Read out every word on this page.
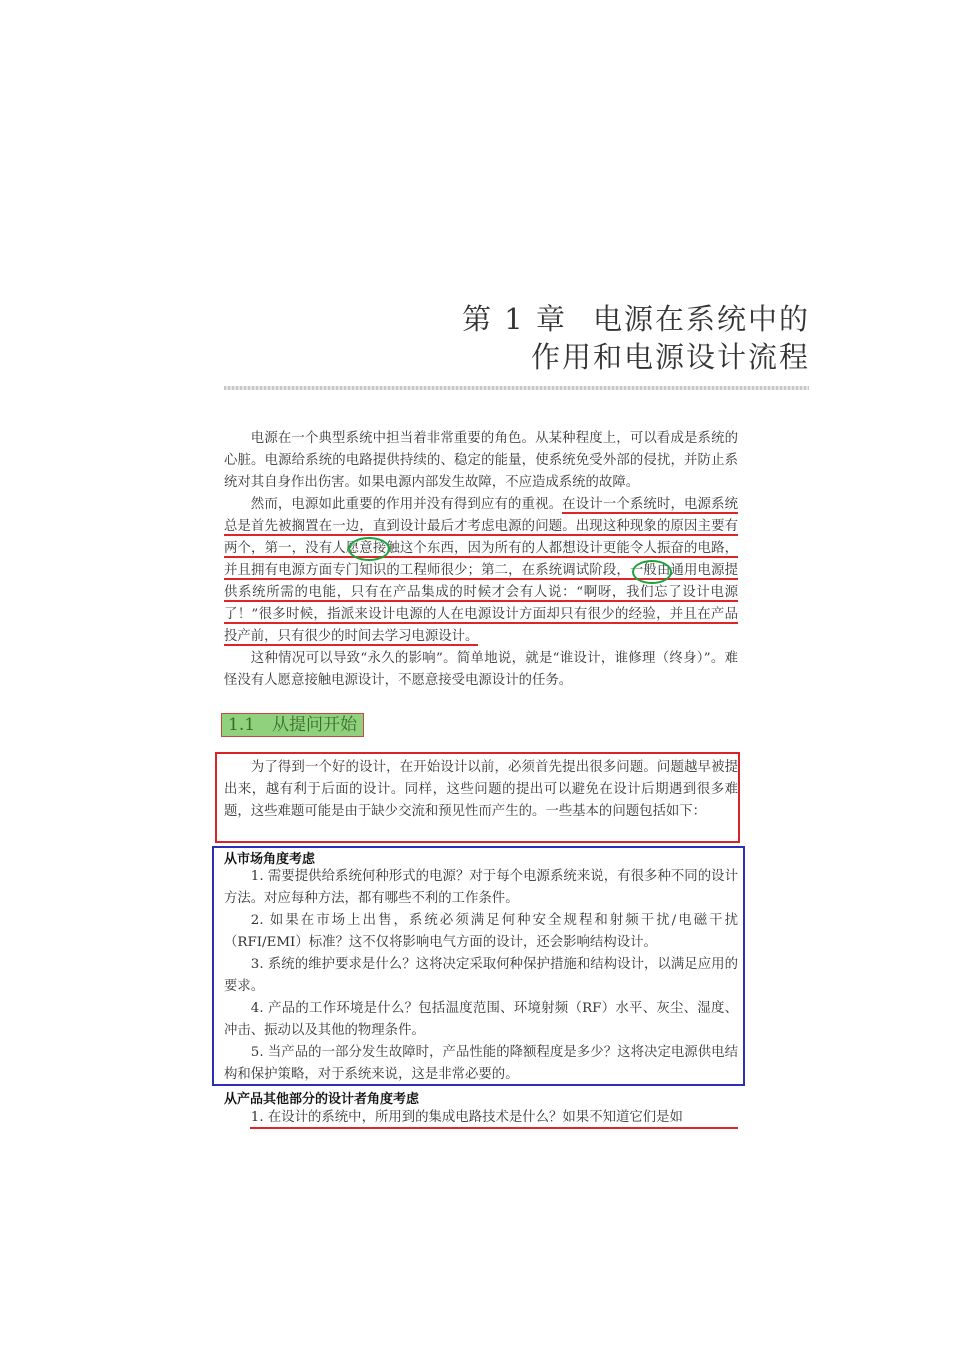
第 1 章 电源在系统中的
作用和电源设计流程

电源在一个典型系统中担当着非常重要的角色。从某种程度上，可以看成是系统的心脏。电源给系统的电路提供持续的、稳定的能量，使系统免受外部的侵扰，并防止系统对其自身作出伤害。如果电源内部发生故障，不应造成系统的故障。

然而，电源如此重要的作用并没有得到应有的重视。在设计一个系统时，电源系统总是首先被搁置在一边，直到设计最后才考虑电源的问题。出现这种现象的原因主要有两个，第一，没有人愿意接触这个东西，因为所有的人都想设计更能令人振奋的电路，并且拥有电源方面专门知识的工程师很少；第二，在系统调试阶段，一般由通用电源提供系统所需的电能，只有在产品集成的时候才会有人说：“啊呀，我们忘了设计电源了！”很多时候，指派来设计电源的人在电源设计方面却只有很少的经验，并且在产品投产前，只有很少的时间去学习电源设计。

这种情况可以导致“永久的影响”。简单地说，就是“谁设计，谁修理（终身）”。难怪没有人愿意接触电源设计，不愿意接受电源设计的任务。

1.1　从提问开始

为了得到一个好的设计，在开始设计以前，必须首先提出很多问题。问题越早被提出来，越有利于后面的设计。同样，这些问题的提出可以避免在设计后期遇到很多难题，这些难题可能是由于缺少交流和预见性而产生的。一些基本的问题包括如下：

从市场角度考虑

1. 需要提供给系统何种形式的电源？对于每个电源系统来说，有很多种不同的设计方法。对应每种方法，都有哪些不利的工作条件。

2. 如果在市场上出售，系统必须满足何种安全规程和射频干扰/电磁干扰（RFI/EMI）标准？这不仅将影响电气方面的设计，还会影响结构设计。

3. 系统的维护要求是什么？这将决定采取何种保护措施和结构设计，以满足应用的要求。

4. 产品的工作环境是什么？包括温度范围、环境射频（RF）水平、灰尘、湿度、冲击、振动以及其他的物理条件。

5. 当产品的一部分发生故障时，产品性能的降额程度是多少？这将决定电源供电结构和保护策略，对于系统来说，这是非常必要的。

从产品其他部分的设计者角度考虑

1. 在设计的系统中，所用到的集成电路技术是什么？如果不知道它们是如
